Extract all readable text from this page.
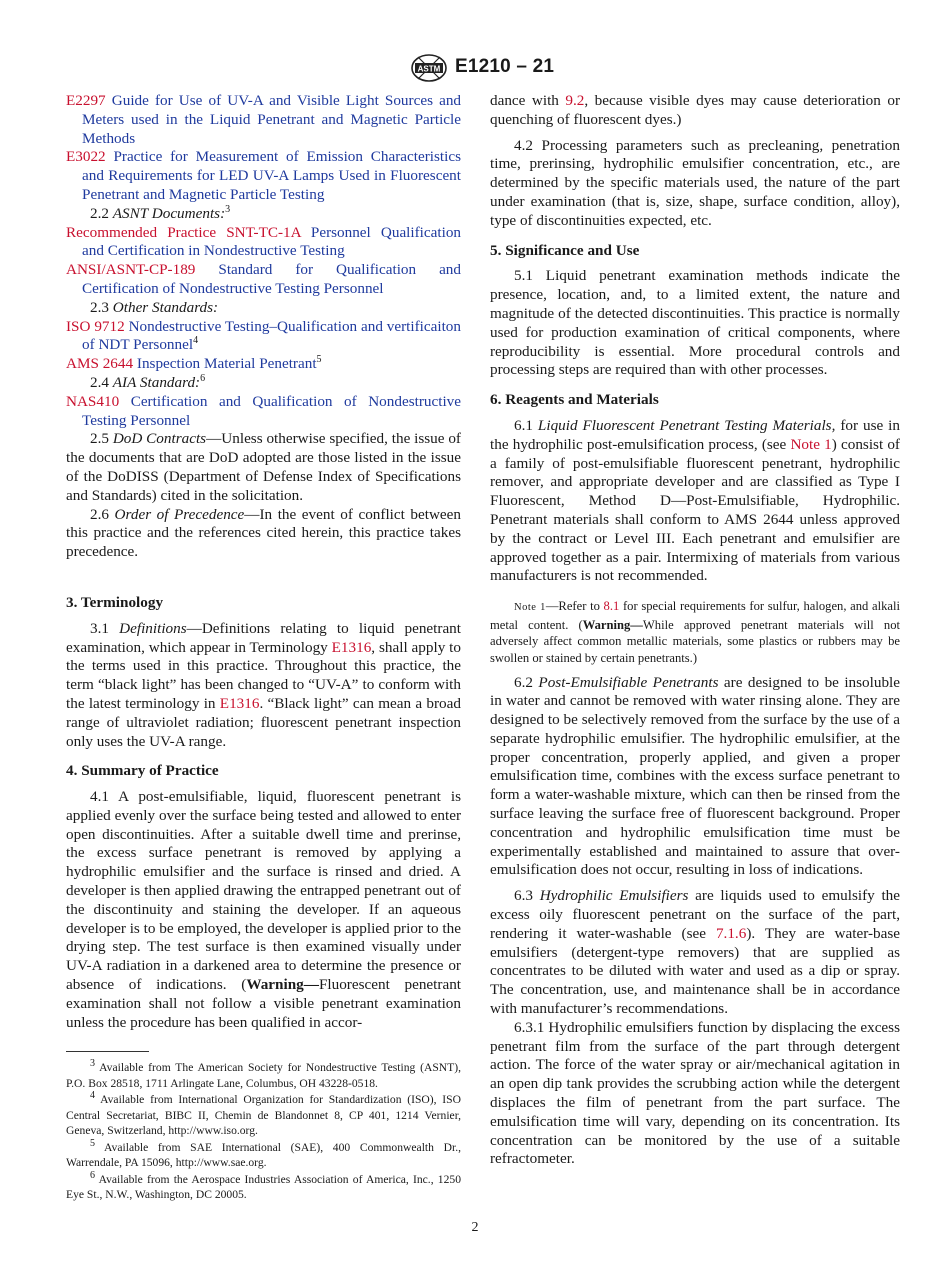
ASTM E1210 – 21

E2297 Guide for Use of UV-A and Visible Light Sources and Meters used in the Liquid Penetrant and Magnetic Particle Methods

E3022 Practice for Measurement of Emission Characteristics and Requirements for LED UV-A Lamps Used in Fluorescent Penetrant and Magnetic Particle Testing

2.2 ASNT Documents:$^3$

Recommended Practice SNT-TC-1A Personnel Qualification and Certification in Nondestructive Testing

ANSI/ASNT-CP-189 Standard for Qualification and Certification of Nondestructive Testing Personnel

2.3 Other Standards:

ISO 9712 Nondestructive Testing–Qualification and vertificaiton of NDT Personnel$^4$

AMS 2644 Inspection Material Penetrant$^5$

2.4 AIA Standard:$^6$

NAS410 Certification and Qualification of Nondestructive Testing Personnel

2.5 DoD Contracts—Unless otherwise specified, the issue of the documents that are DoD adopted are those listed in the issue of the DoDISS (Department of Defense Index of Specifications and Standards) cited in the solicitation.

2.6 Order of Precedence—In the event of conflict between this practice and the references cited herein, this practice takes precedence.

3. Terminology

3.1 Definitions—Definitions relating to liquid penetrant examination, which appear in Terminology E1316, shall apply to the terms used in this practice. Throughout this practice, the term “black light” has been changed to “UV-A” to conform with the latest terminology in E1316. “Black light” can mean a broad range of ultraviolet radiation; fluorescent penetrant inspection only uses the UV-A range.

4. Summary of Practice

4.1 A post-emulsifiable, liquid, fluorescent penetrant is applied evenly over the surface being tested and allowed to enter open discontinuities. After a suitable dwell time and prerinse, the excess surface penetrant is removed by applying a hydrophilic emulsifier and the surface is rinsed and dried. A developer is then applied drawing the entrapped penetrant out of the discontinuity and staining the developer. If an aqueous developer is to be employed, the developer is applied prior to the drying step. The test surface is then examined visually under UV-A radiation in a darkened area to determine the presence or absence of indications. (Warning—Fluorescent penetrant examination shall not follow a visible penetrant examination unless the procedure has been qualified in accor-

$^3$ Available from The American Society for Nondestructive Testing (ASNT), P.O. Box 28518, 1711 Arlingate Lane, Columbus, OH 43228-0518.

$^4$ Available from International Organization for Standardization (ISO), ISO Central Secretariat, BIBC II, Chemin de Blandonnet 8, CP 401, 1214 Vernier, Geneva, Switzerland, http://www.iso.org.

$^5$ Available from SAE International (SAE), 400 Commonwealth Dr., Warrendale, PA 15096, http://www.sae.org.

$^6$ Available from the Aerospace Industries Association of America, Inc., 1250 Eye St., N.W., Washington, DC 20005.

dance with 9.2, because visible dyes may cause deterioration or quenching of fluorescent dyes.)

4.2 Processing parameters such as precleaning, penetration time, prerinsing, hydrophilic emulsifier concentration, etc., are determined by the specific materials used, the nature of the part under examination (that is, size, shape, surface condition, alloy), type of discontinuities expected, etc.

5. Significance and Use

5.1 Liquid penetrant examination methods indicate the presence, location, and, to a limited extent, the nature and magnitude of the detected discontinuities. This practice is normally used for production examination of critical components, where reproducibility is essential. More procedural controls and processing steps are required than with other processes.

6. Reagents and Materials

6.1 Liquid Fluorescent Penetrant Testing Materials, for use in the hydrophilic post-emulsification process, (see Note 1) consist of a family of post-emulsifiable fluorescent penetrant, hydrophilic remover, and appropriate developer and are classified as Type I Fluorescent, Method D—Post-Emulsifiable, Hydrophilic. Penetrant materials shall conform to AMS 2644 unless approved by the contract or Level III. Each penetrant and emulsifier are approved together as a pair. Intermixing of materials from various manufacturers is not recommended.

Note 1—Refer to 8.1 for special requirements for sulfur, halogen, and alkali metal content. (Warning—While approved penetrant materials will not adversely affect common metallic materials, some plastics or rubbers may be swollen or stained by certain penetrants.)

6.2 Post-Emulsifiable Penetrants are designed to be insoluble in water and cannot be removed with water rinsing alone. They are designed to be selectively removed from the surface by the use of a separate hydrophilic emulsifier. The hydrophilic emulsifier, at the proper concentration, properly applied, and given a proper emulsification time, combines with the excess surface penetrant to form a water-washable mixture, which can then be rinsed from the surface leaving the surface free of fluorescent background. Proper concentration and hydrophilic emulsification time must be experimentally established and maintained to assure that over-emulsification does not occur, resulting in loss of indications.

6.3 Hydrophilic Emulsifiers are liquids used to emulsify the excess oily fluorescent penetrant on the surface of the part, rendering it water-washable (see 7.1.6). They are water-base emulsifiers (detergent-type removers) that are supplied as concentrates to be diluted with water and used as a dip or spray. The concentration, use, and maintenance shall be in accordance with manufacturer’s recommendations.

6.3.1 Hydrophilic emulsifiers function by displacing the excess penetrant film from the surface of the part through detergent action. The force of the water spray or air/mechanical agitation in an open dip tank provides the scrubbing action while the detergent displaces the film of penetrant from the part surface. The emulsification time will vary, depending on its concentration. Its concentration can be monitored by the use of a suitable refractometer.

2
